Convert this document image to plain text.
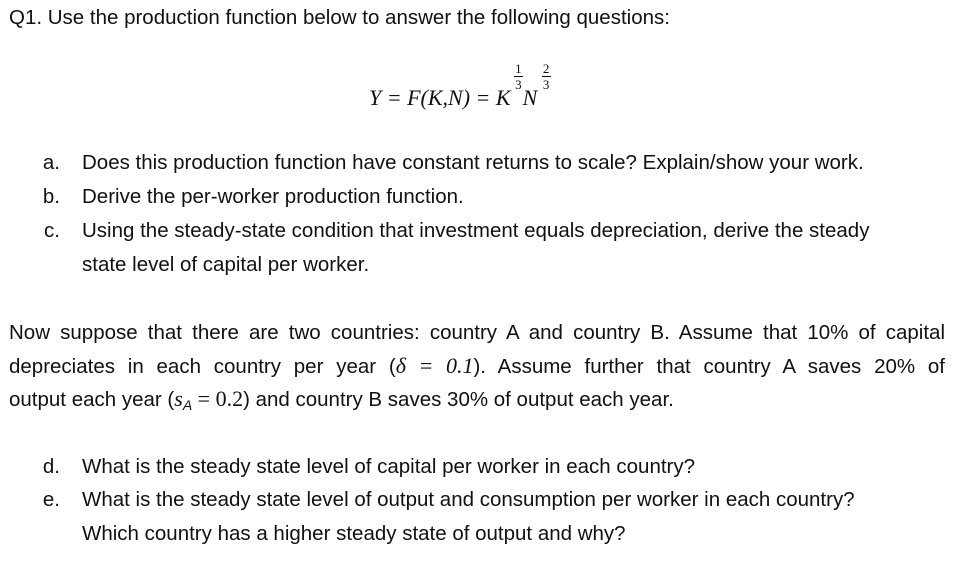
Q1. Use the production function below to answer the following questions:
Y = F(K,N) = K
1
3
N
2
3
a. Does this production function have constant returns to scale? Explain/show your work.
b. Derive the per-worker production function.
c. Using the steady-state condition that investment equals depreciation, derive the steady
state level of capital per worker.
Now suppose that there are two countries: country A and country B. Assume that 10% of capital
depreciates in each country per year (δ = 0.1). Assume further that country A saves 20% of
output each year $(s_A = 0.2)$ and country B saves 30% of output each year.
d. What is the steady state level of capital per worker in each country?
e. What is the steady state level of output and consumption per worker in each country?
Which country has a higher steady state of output and why?
